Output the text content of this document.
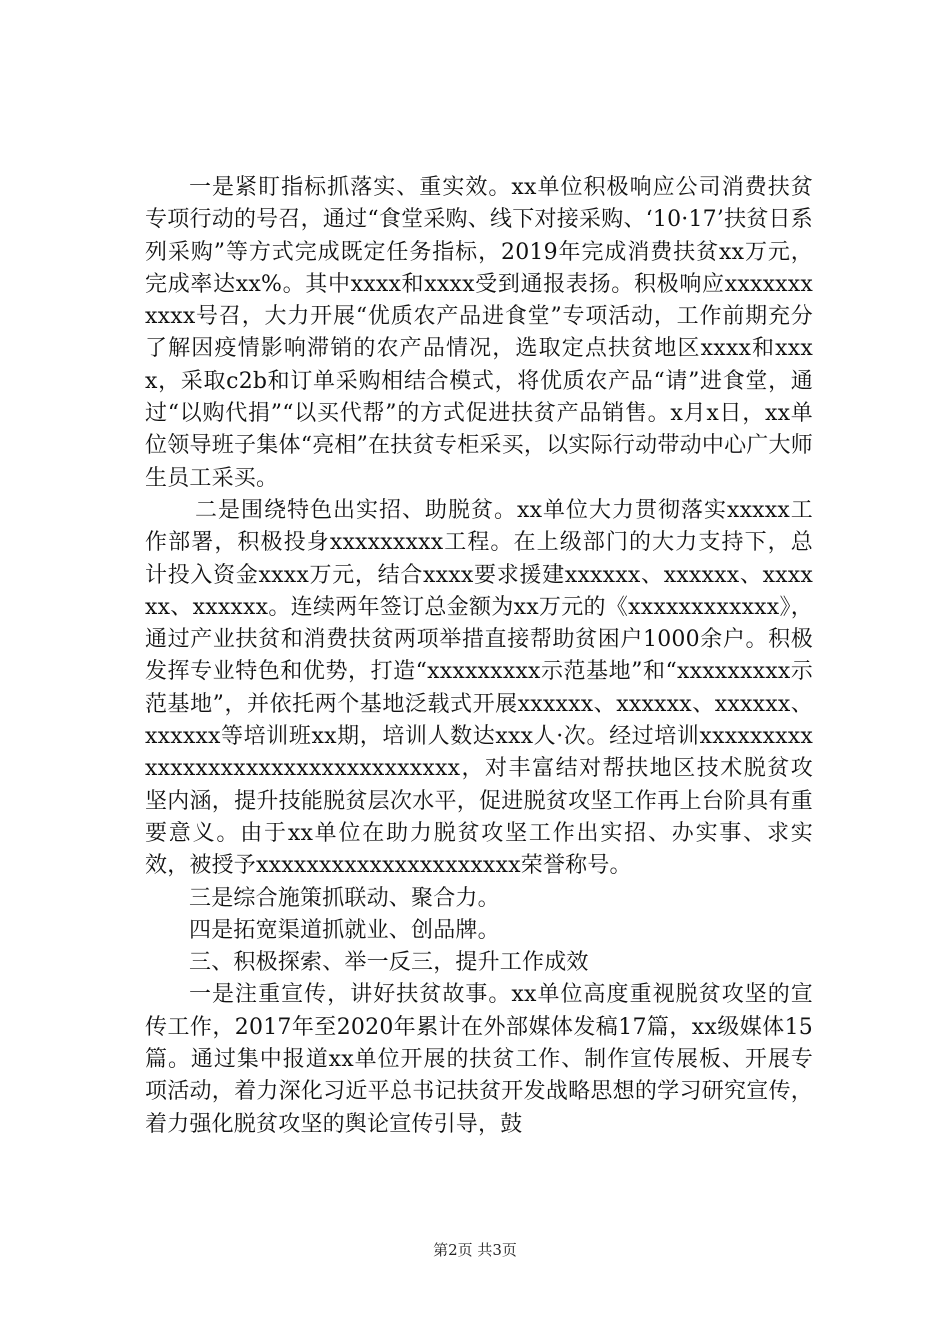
一是紧盯指标抓落实、重实效。xx单位积极响应公司消费扶贫专项行动的号召，通过“食堂采购、线下对接采购、‘10·17’扶贫日系列采购”等方式完成既定任务指标，2019年完成消费扶贫xx万元，完成率达xx%。其中xxxx和xxxx受到通报表扬。积极响应xxxxxxxxxxx号召，大力开展“优质农产品进食堂”专项活动，工作前期充分了解因疫情影响滞销的农产品情况，选取定点扶贫地区xxxx和xxxx，采取c2b和订单采购相结合模式，将优质农产品“请”进食堂，通过“以购代捐”“以买代帮”的方式促进扶贫产品销售。x月x日，xx单位领导班子集体“亮相”在扶贫专柜采买，以实际行动带动中心广大师生员工采买。

二是围绕特色出实招、助脱贫。xx单位大力贯彻落实xxxxx工作部署，积极投身xxxxxxxxx工程。在上级部门的大力支持下，总计投入资金xxxx万元，结合xxxx要求援建xxxxxx、xxxxxx、xxxxxx、xxxxxx。连续两年签订总金额为xx万元的《xxxxxxxxxxxx》，通过产业扶贫和消费扶贫两项举措直接帮助贫困户1000余户。积极发挥专业特色和优势，打造“xxxxxxxxx示范基地”和“xxxxxxxxx示范基地”，并依托两个基地泛载式开展xxxxxx、xxxxxx、xxxxxx、xxxxxx等培训班xx期，培训人数达xxx人·次。经过培训xxxxxxxxxxxxxxxxxxxxxxxxxxxxxxxxxx，对丰富结对帮扶地区技术脱贫攻坚内涵，提升技能脱贫层次水平，促进脱贫攻坚工作再上台阶具有重要意义。由于xx单位在助力脱贫攻坚工作出实招、办实事、求实效，被授予xxxxxxxxxxxxxxxxxxxxx荣誉称号。

三是综合施策抓联动、聚合力。

四是拓宽渠道抓就业、创品牌。

三、积极探索、举一反三，提升工作成效

一是注重宣传，讲好扶贫故事。xx单位高度重视脱贫攻坚的宣传工作，2017年至2020年累计在外部媒体发稿17篇，xx级媒体15篇。通过集中报道xx单位开展的扶贫工作、制作宣传展板、开展专项活动，着力深化习近平总书记扶贫开发战略思想的学习研究宣传，着力强化脱贫攻坚的舆论宣传引导，鼓

第2页 共3页
